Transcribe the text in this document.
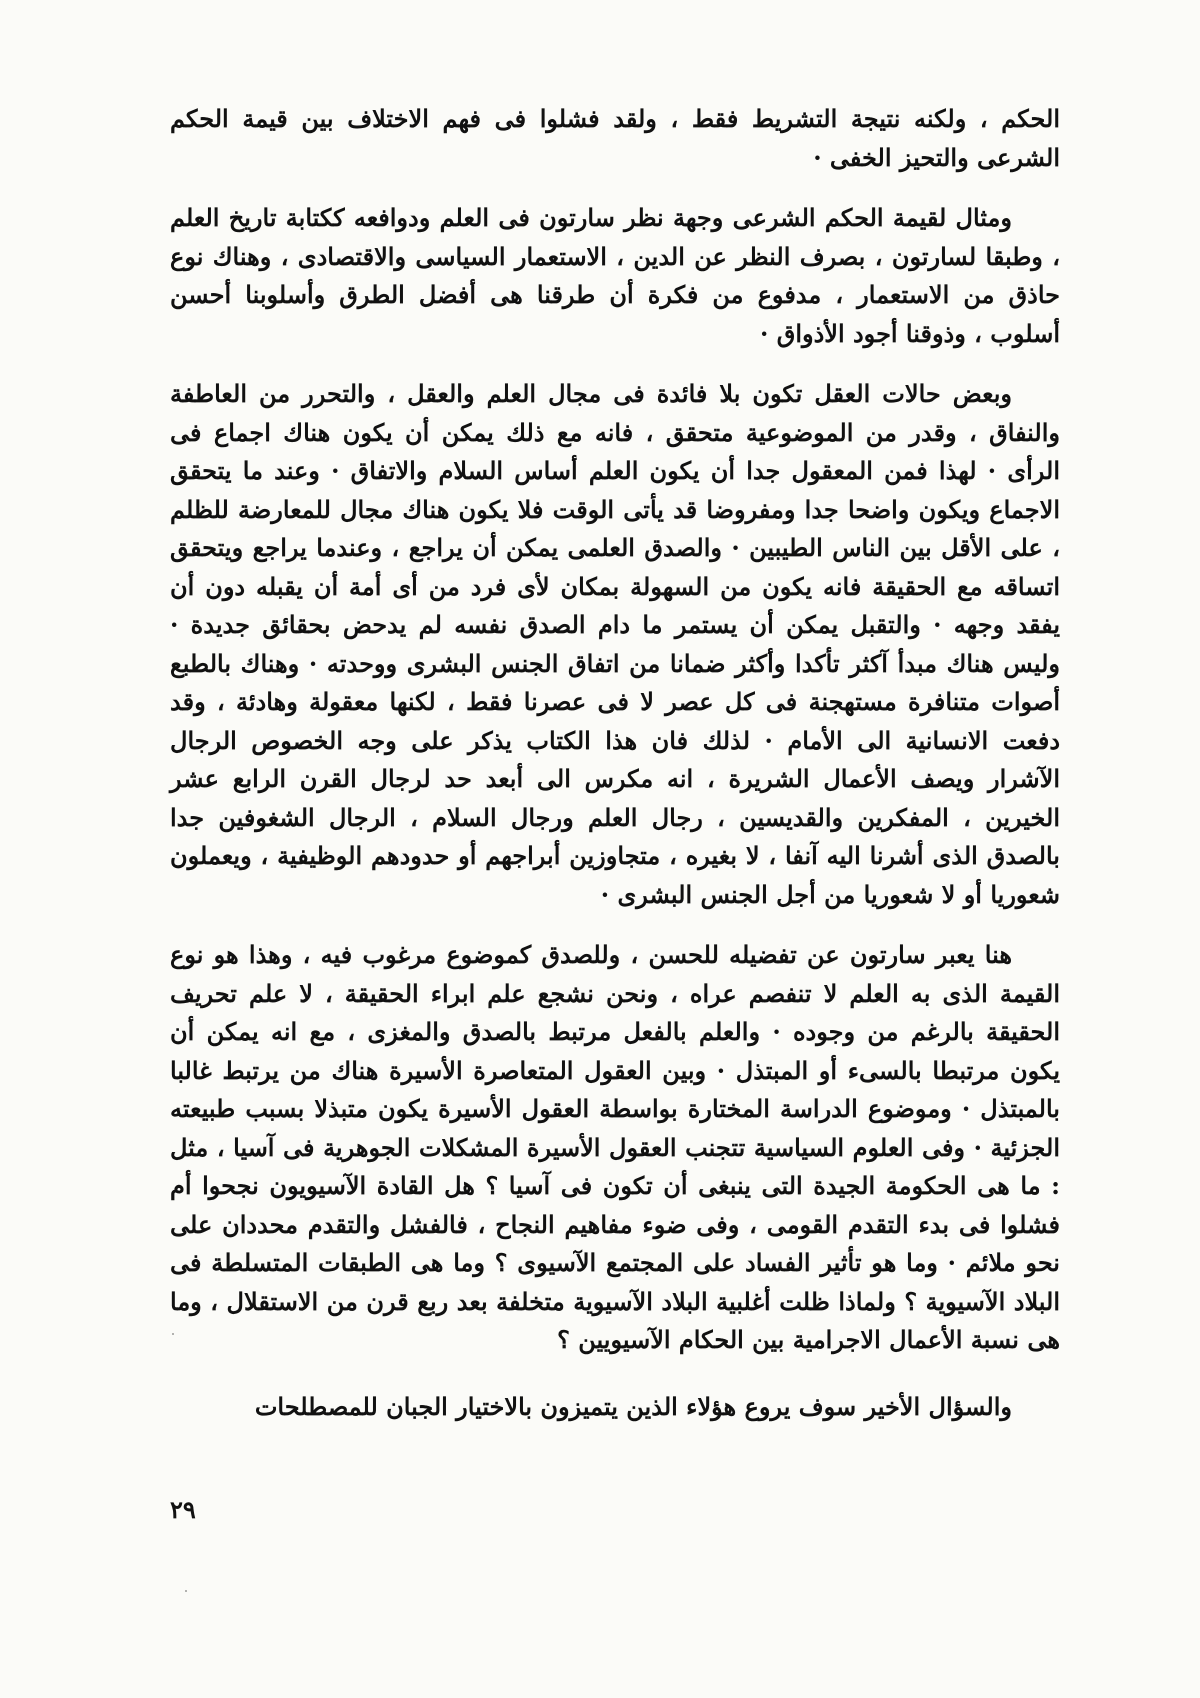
الحكم ، ولكنه نتيجة التشريط فقط ، ولقد فشلوا فى فهم الاختلاف بين قيمة الحكم الشرعى والتحيز الخفى ·

ومثال لقيمة الحكم الشرعى وجهة نظر سارتون فى العلم ودوافعه ككتابة تاريخ العلم ، وطبقا لسارتون ، بصرف النظر عن الدين ، الاستعمار السياسى والاقتصادى ، وهناك نوع حاذق من الاستعمار ، مدفوع من فكرة أن طرقنا هى أفضل الطرق وأسلوبنا أحسن أسلوب ، وذوقنا أجود الأذواق ·

وبعض حالات العقل تكون بلا فائدة فى مجال العلم والعقل ، والتحرر من العاطفة والنفاق ، وقدر من الموضوعية متحقق ، فانه مع ذلك يمكن أن يكون هناك اجماع فى الرأى · لهذا فمن المعقول جدا أن يكون العلم أساس السلام والاتفاق · وعند ما يتحقق الاجماع ويكون واضحا جدا ومفروضا قد يأتى الوقت فلا يكون هناك مجال للمعارضة للظلم ، على الأقل بين الناس الطيبين · والصدق العلمى يمكن أن يراجع ، وعندما يراجع ويتحقق اتساقه مع الحقيقة فانه يكون من السهولة بمكان لأى فرد من أى أمة أن يقبله دون أن يفقد وجهه · والتقبل يمكن أن يستمر ما دام الصدق نفسه لم يدحض بحقائق جديدة · وليس هناك مبدأ آكثر تأكدا وأكثر ضمانا من اتفاق الجنس البشرى ووحدته · وهناك بالطبع أصوات متنافرة مستهجنة فى كل عصر لا فى عصرنا فقط ، لكنها معقولة وهادئة ، وقد دفعت الانسانية الى الأمام · لذلك فان هذا الكتاب يذكر على وجه الخصوص الرجال الآشرار ويصف الأعمال الشريرة ، انه مكرس الى أبعد حد لرجال القرن الرابع عشر الخيرين ، المفكرين والقديسين ، رجال العلم ورجال السلام ، الرجال الشغوفين جدا بالصدق الذى أشرنا اليه آنفا ، لا بغيره ، متجاوزين أبراجهم أو حدودهم الوظيفية ، ويعملون شعوريا أو لا شعوريا من أجل الجنس البشرى ·

هنا يعبر سارتون عن تفضيله للحسن ، وللصدق كموضوع مرغوب فيه ، وهذا هو نوع القيمة الذى به العلم لا تنفصم عراه ، ونحن نشجع علم ابراء الحقيقة ، لا علم تحريف الحقيقة بالرغم من وجوده · والعلم بالفعل مرتبط بالصدق والمغزى ، مع انه يمكن أن يكون مرتبطا بالسىء أو المبتذل · وبين العقول المتعاصرة الأسيرة هناك من يرتبط غالبا بالمبتذل · وموضوع الدراسة المختارة بواسطة العقول الأسيرة يكون متبذلا بسبب طبيعته الجزئية · وفى العلوم السياسية تتجنب العقول الأسيرة المشكلات الجوهرية فى آسيا ، مثل : ما هى الحكومة الجيدة التى ينبغى أن تكون فى آسيا ؟ هل القادة الآسيويون نجحوا أم فشلوا فى بدء التقدم القومى ، وفى ضوء مفاهيم النجاح ، فالفشل والتقدم محددان على نحو ملائم · وما هو تأثير الفساد على المجتمع الآسيوى ؟ وما هى الطبقات المتسلطة فى البلاد الآسيوية ؟ ولماذا ظلت أغلبية البلاد الآسيوية متخلفة بعد ربع قرن من الاستقلال ، وما هى نسبة الأعمال الاجرامية بين الحكام الآسيويين ؟

والسؤال الأخير سوف يروع هؤلاء الذين يتميزون بالاختيار الجبان للمصطلحات

٢٩
